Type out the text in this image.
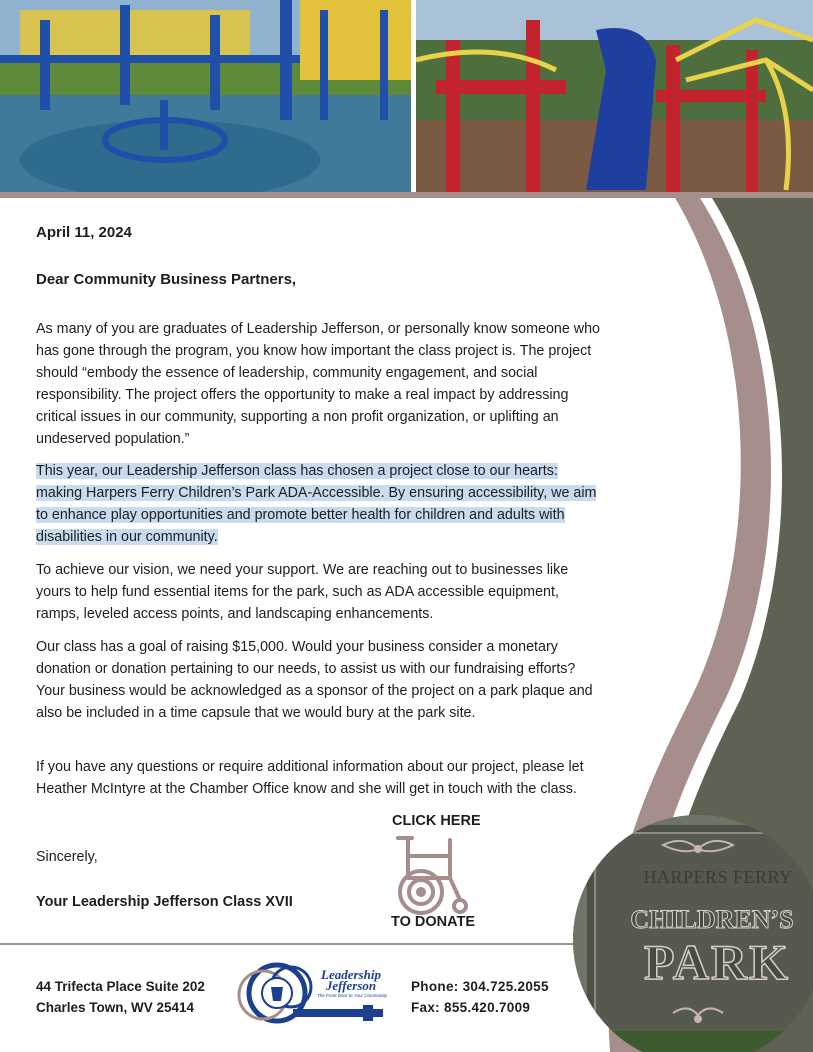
April 11, 2024
Dear Community Business Partners,
As many of you are graduates of Leadership Jefferson, or personally know someone who has gone through the program, you know how important the class project is. The project should “embody the essence of leadership, community engagement, and social responsibility. The project offers the opportunity to make a real impact by addressing critical issues in our community, supporting a non profit organization, or uplifting an undeserved population.”
This year, our Leadership Jefferson class has chosen a project close to our hearts: making Harpers Ferry Children’s Park ADA-Accessible. By ensuring accessibility, we aim to enhance play opportunities and promote better health for children and adults with disabilities in our community.
To achieve our vision, we need your support. We are reaching out to businesses like yours to help fund essential items for the park, such as ADA accessible equipment, ramps, leveled access points, and landscaping enhancements.
Our class has a goal of raising $15,000. Would your business consider a monetary donation or donation pertaining to our needs, to assist us with our fundraising efforts? Your business would be acknowledged as a sponsor of the project on a park plaque and also be included in a time capsule that we would bury at the park site.
If you have any questions or require additional information about our project, please let Heather McIntyre at the Chamber Office know and she will get in touch with the class.
Sincerely,
Your Leadership Jefferson Class XVII
CLICK HERE
TO DONATE
44 Trifecta Place Suite 202
Charles Town, WV 25414
Leadership
Jefferson
The Front Door to Your Community
Phone: 304.725.2055
Fax: 855.420.7009
HARPERS FERRY
CHILDREN’S
PARK
